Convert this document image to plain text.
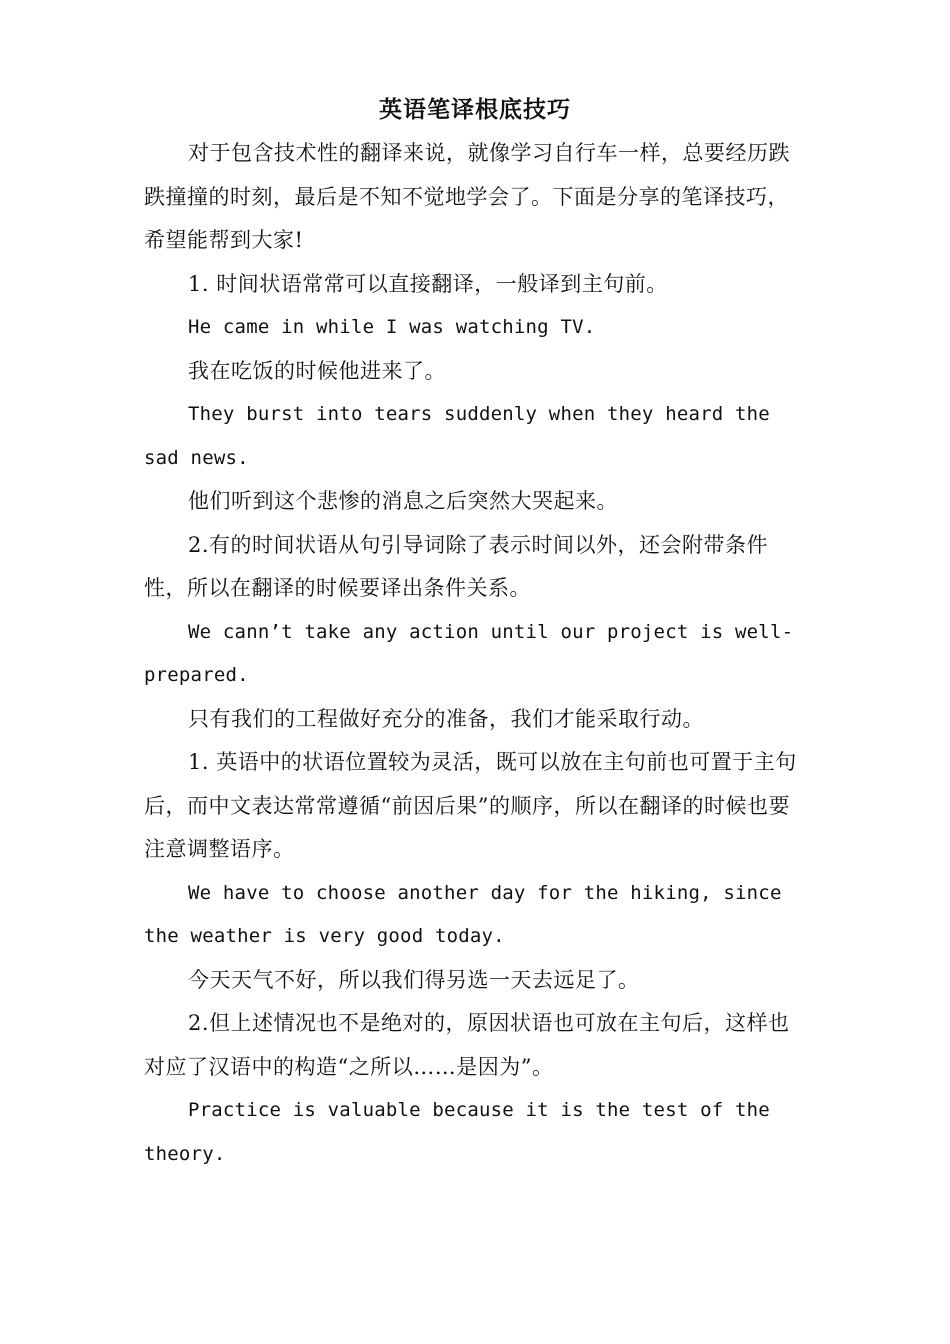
英语笔译根底技巧

对于包含技术性的翻译来说，就像学习自行车一样，总要经历跌跌撞撞的时刻，最后是不知不觉地学会了。下面是分享的笔译技巧，希望能帮到大家!

1. 时间状语常常可以直接翻译，一般译到主句前。

He came in while I was watching TV.

我在吃饭的时候他进来了。

They burst into tears suddenly when they heard the sad news.

他们听到这个悲惨的消息之后突然大哭起来。

2.有的时间状语从句引导词除了表示时间以外，还会附带条件性，所以在翻译的时候要译出条件关系。

We cann’t take any action until our project is well-prepared.

只有我们的工程做好充分的准备，我们才能采取行动。

1. 英语中的状语位置较为灵活，既可以放在主句前也可置于主句后，而中文表达常常遵循“前因后果”的顺序，所以在翻译的时候也要注意调整语序。

We have to choose another day for the hiking, since the weather is very good today.

今天天气不好，所以我们得另选一天去远足了。

2.但上述情况也不是绝对的，原因状语也可放在主句后，这样也对应了汉语中的构造“之所以……是因为”。

Practice is valuable because it is the test of the theory.
